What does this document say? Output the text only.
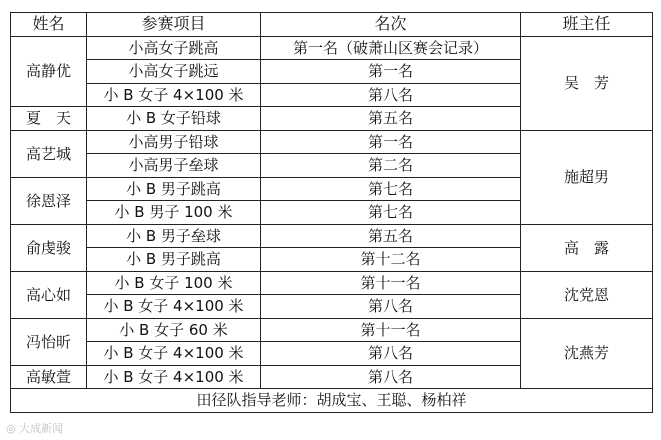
姓名	参赛项目	名次	班主任
高静优	小高女子跳高	第一名（破萧山区赛会记录）	吴　芳
	小高女子跳远	第一名	
	小 B 女子 4×100 米	第八名	
夏　天	小 B 女子铅球	第五名	
高艺城	小高男子铅球	第一名	施超男
	小高男子垒球	第二名	
徐恩泽	小 B 男子跳高	第七名	
	小 B 男子 100 米	第七名	
俞虔骏	小 B 男子垒球	第五名	高　露
	小 B 男子跳高	第十二名	
高心如	小 B 女子 100 米	第十一名	沈党恩
	小 B 女子 4×100 米	第八名	
冯怡昕	小 B 女子 60 米	第十一名	沈燕芳
	小 B 女子 4×100 米	第八名	
高敏萱	小 B 女子 4×100 米	第八名	
田径队指导老师：胡成宝、王聪、杨柏祥			
◎ 大成新闻
